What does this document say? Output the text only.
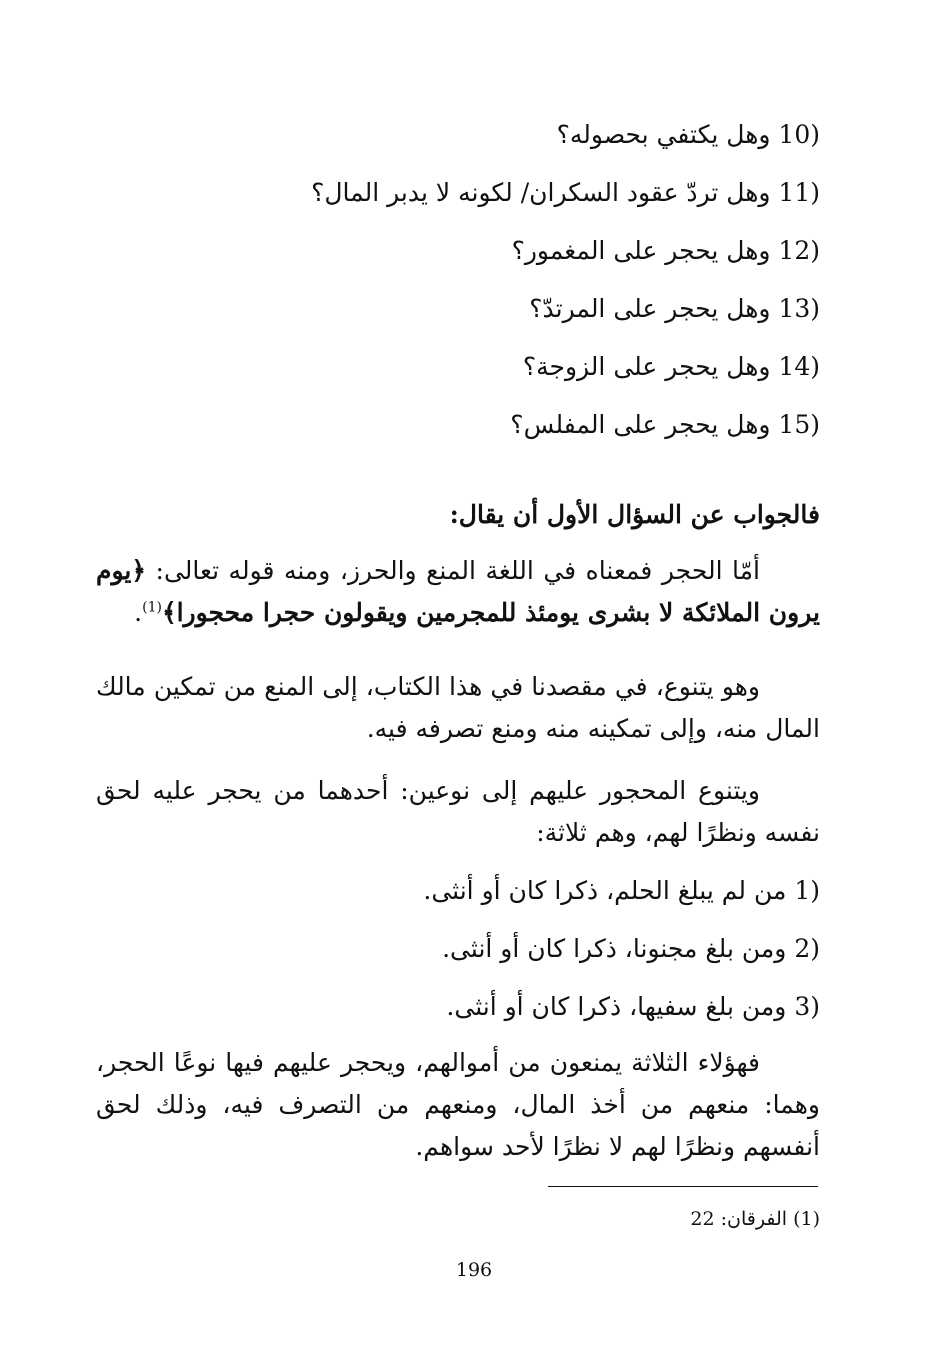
10) وهل يكتفي بحصوله؟
11) وهل تردّ عقود السكران/ لكونه لا يدبر المال؟
12) وهل يحجر على المغمور؟
13) وهل يحجر على المرتدّ؟
14) وهل يحجر على الزوجة؟
15) وهل يحجر على المفلس؟
فالجواب عن السؤال الأول أن يقال:
أمّا الحجر فمعناه في اللغة المنع والحرز، ومنه قوله تعالى: ﴿يوم يرون الملائكة لا بشرى يومئذ للمجرمين ويقولون حجرا محجورا﴾$^{(1)}$.
وهو يتنوع، في مقصدنا في هذا الكتاب، إلى المنع من تمكين مالك المال منه، وإلى تمكينه منه ومنع تصرفه فيه.
ويتنوع المحجور عليهم إلى نوعين: أحدهما من يحجر عليه لحق نفسه ونظرًا لهم، وهم ثلاثة:
1) من لم يبلغ الحلم، ذكرا كان أو أنثى.
2) ومن بلغ مجنونا، ذكرا كان أو أنثى.
3) ومن بلغ سفيها، ذكرا كان أو أنثى.
فهؤلاء الثلاثة يمنعون من أموالهم، ويحجر عليهم فيها نوعًا الحجر، وهما: منعهم من أخذ المال، ومنعهم من التصرف فيه، وذلك لحق أنفسهم ونظرًا لهم لا نظرًا لأحد سواهم.
(1) الفرقان: 22
196
